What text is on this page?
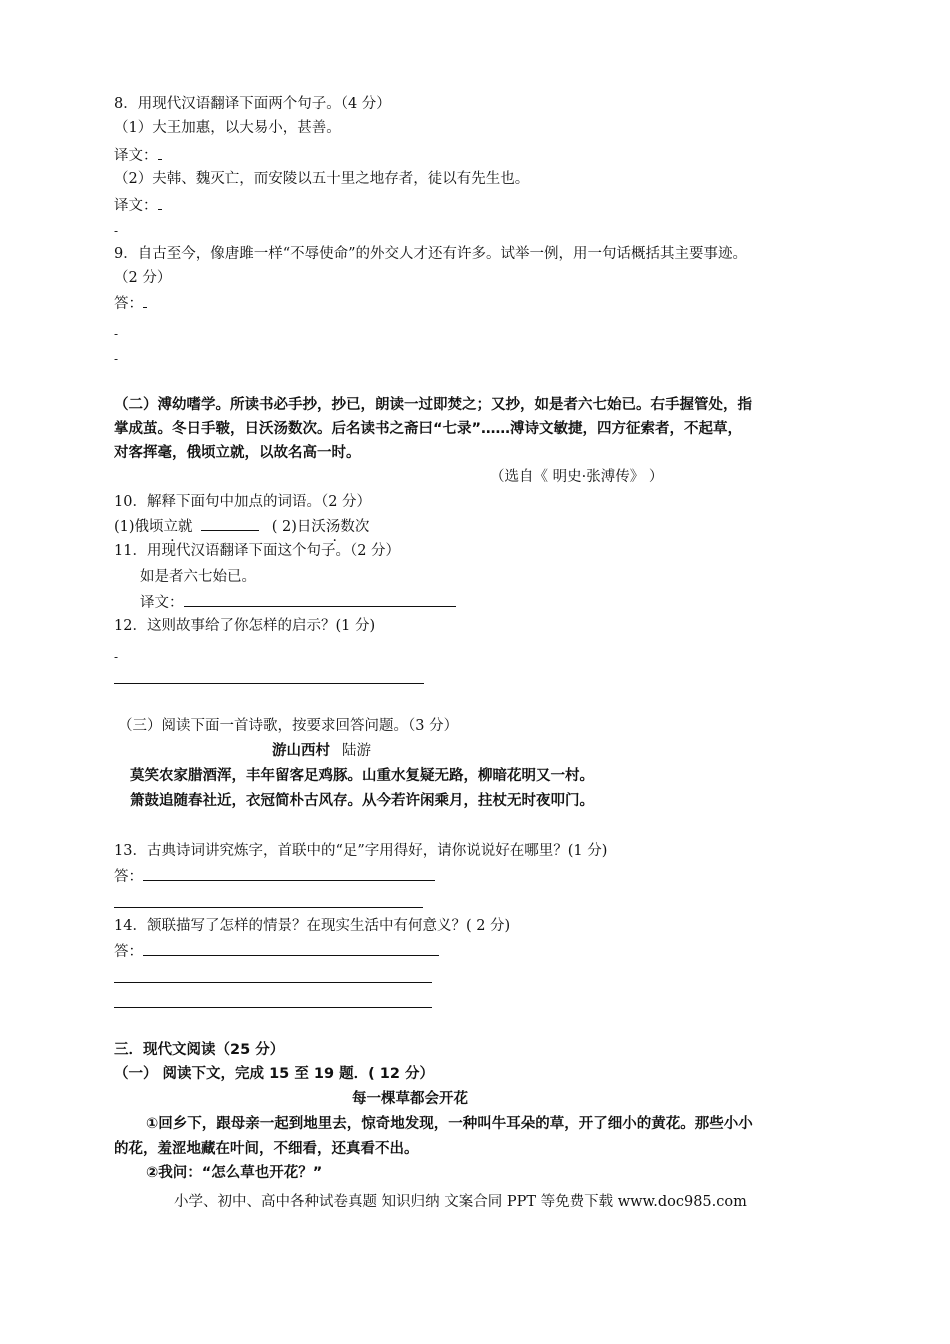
8．用现代汉语翻译下面两个句子。（4 分）
（1）大王加惠，以大易小，甚善。
译文：
（2）夫韩、魏灭亡，而安陵以五十里之地存者，徒以有先生也。
译文：
-
9．自古至今，像唐雎一样“不辱使命”的外交人才还有许多。试举一例，用一句话概括其主要事迹。
（2 分）
答：
-
-
（二）溥幼嗜学。所读书必手抄，抄已，朗读一过即焚之；又抄，如是者六七始已。右手握管处，指
掌成茧。冬日手皲，日沃汤数次。后名读书之斋曰“七录”……溥诗文敏捷，四方征索者，不起草，
对客挥毫，俄顷立就，以故名高一时。
（选自《 明史·张溥传》 ）
10．解释下面句中加点的词语。（2 分）
(1)俄顷立就	( 2)日沃汤数次
11．用现代汉语翻译下面这个句子。（2 分）
如是者六七始已。
译文：
12．这则故事给了你怎样的启示？(1 分)
-
（三）阅读下面一首诗歌，按要求回答问题。（3 分）
游山西村 陆游
莫笑农家腊酒浑，丰年留客足鸡豚。山重水复疑无路，柳暗花明又一村。
箫鼓追随春社近，衣冠简朴古风存。从今若许闲乘月，拄杖无时夜叩门。
13．古典诗词讲究炼字，首联中的“足”字用得好，请你说说好在哪里？(1 分)
答：
14．颔联描写了怎样的情景？在现实生活中有何意义？( 2 分)
答：
三．现代文阅读（25 分）
（一） 阅读下文，完成 15 至 19 题．( 12 分）
每一棵草都会开花
①回乡下，跟母亲一起到地里去，惊奇地发现，一种叫牛耳朵的草，开了细小的黄花。那些小小
的花，羞涩地藏在叶间，不细看，还真看不出。
②我问：“怎么草也开花？”
小学、初中、高中各种试卷真题 知识归纳 文案合同 PPT 等免费下载 www.doc985.com
